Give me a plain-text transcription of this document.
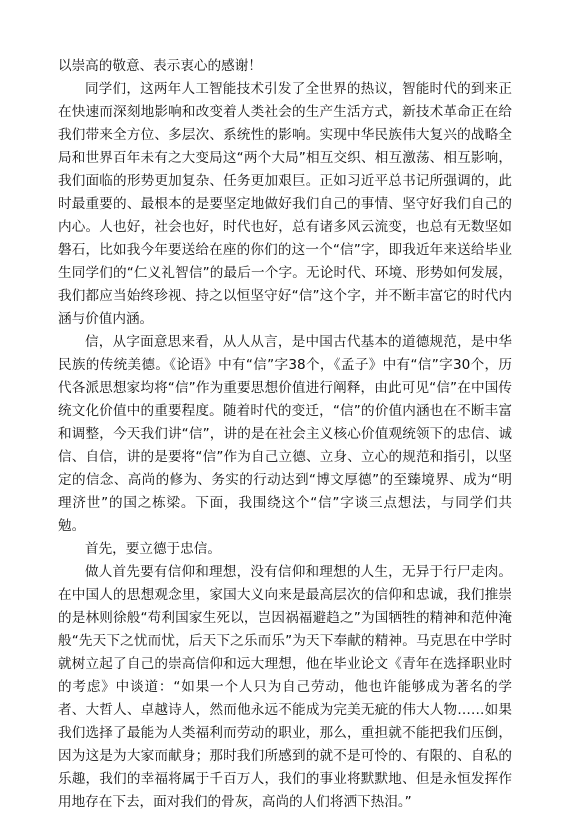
以崇高的敬意、表示衷心的感谢！

同学们，这两年人工智能技术引发了全世界的热议，智能时代的到来正在快速而深刻地影响和改变着人类社会的生产生活方式，新技术革命正在给我们带来全方位、多层次、系统性的影响。实现中华民族伟大复兴的战略全局和世界百年未有之大变局这“两个大局”相互交织、相互激荡、相互影响，我们面临的形势更加复杂、任务更加艰巨。正如习近平总书记所强调的，此时最重要的、最根本的是要坚定地做好我们自己的事情、坚守好我们自己的内心。人也好，社会也好，时代也好，总有诸多风云流变，也总有无数坚如磐石，比如我今年要送给在座的你们的这一个“信”字，即我近年来送给毕业生同学们的“仁义礼智信”的最后一个字。无论时代、环境、形势如何发展，我们都应当始终珍视、持之以恒坚守好“信”这个字，并不断丰富它的时代内涵与价值内涵。

信，从字面意思来看，从人从言，是中国古代基本的道德规范，是中华民族的传统美德。《论语》中有“信”字38个，《孟子》中有“信”字30个，历代各派思想家均将“信”作为重要思想价值进行阐释，由此可见“信”在中国传统文化价值中的重要程度。随着时代的变迁，“信”的价值内涵也在不断丰富和调整，今天我们讲“信”，讲的是在社会主义核心价值观统领下的忠信、诚信、自信，讲的是要将“信”作为自己立德、立身、立心的规范和指引，以坚定的信念、高尚的修为、务实的行动达到“博文厚德”的至臻境界、成为“明理济世”的国之栋梁。下面，我围绕这个“信”字谈三点想法，与同学们共勉。

首先，要立德于忠信。

做人首先要有信仰和理想，没有信仰和理想的人生，无异于行尸走肉。在中国人的思想观念里，家国大义向来是最高层次的信仰和忠诚，我们推崇的是林则徐般“苟利国家生死以，岂因祸福避趋之”为国牺牲的精神和范仲淹般“先天下之忧而忧，后天下之乐而乐”为天下奉献的精神。马克思在中学时就树立起了自己的崇高信仰和远大理想，他在毕业论文《青年在选择职业时的考虑》中谈道：“如果一个人只为自己劳动，他也许能够成为著名的学者、大哲人、卓越诗人，然而他永远不能成为完美无疵的伟大人物……如果我们选择了最能为人类福利而劳动的职业，那么，重担就不能把我们压倒，因为这是为大家而献身；那时我们所感到的就不是可怜的、有限的、自私的乐趣，我们的幸福将属于千百万人，我们的事业将默默地、但是永恒发挥作用地存在下去，面对我们的骨灰，高尚的人们将洒下热泪。”
